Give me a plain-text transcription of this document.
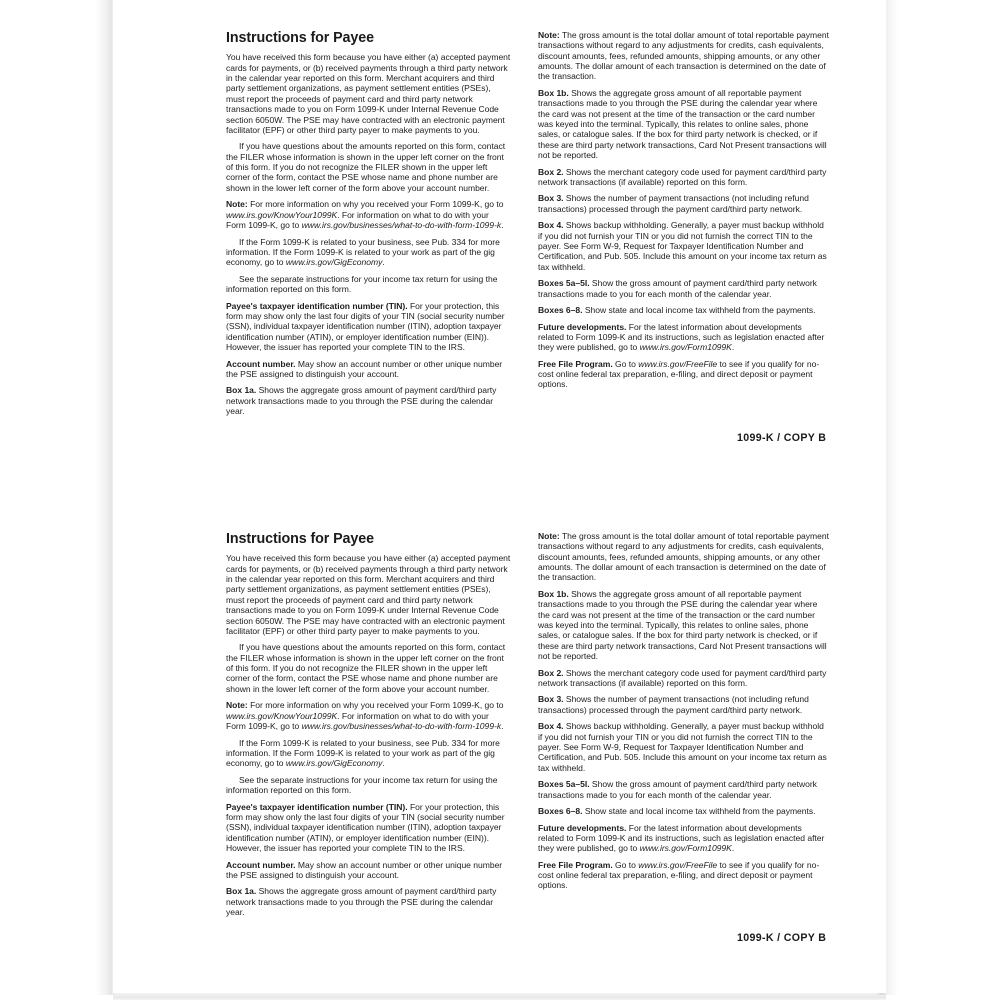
Instructions for Payee

You have received this form because you have either (a) accepted payment cards for payments, or (b) received payments through a third party network in the calendar year reported on this form. Merchant acquirers and third party settlement organizations, as payment settlement entities (PSEs), must report the proceeds of payment card and third party network transactions made to you on Form 1099-K under Internal Revenue Code section 6050W. The PSE may have contracted with an electronic payment facilitator (EPF) or other third party payer to make payments to you.

If you have questions about the amounts reported on this form, contact the FILER whose information is shown in the upper left corner on the front of this form. If you do not recognize the FILER shown in the upper left corner of the form, contact the PSE whose name and phone number are shown in the lower left corner of the form above your account number.

Note: For more information on why you received your Form 1099-K, go to www.irs.gov/KnowYour1099K. For information on what to do with your Form 1099-K, go to www.irs.gov/businesses/what-to-do-with-form-1099-k.

If the Form 1099-K is related to your business, see Pub. 334 for more information. If the Form 1099-K is related to your work as part of the gig economy, go to www.irs.gov/GigEconomy.

See the separate instructions for your income tax return for using the information reported on this form.

Payee's taxpayer identification number (TIN). For your protection, this form may show only the last four digits of your TIN (social security number (SSN), individual taxpayer identification number (ITIN), adoption taxpayer identification number (ATIN), or employer identification number (EIN)). However, the issuer has reported your complete TIN to the IRS.

Account number. May show an account number or other unique number the PSE assigned to distinguish your account.

Box 1a. Shows the aggregate gross amount of payment card/third party network transactions made to you through the PSE during the calendar year.

Note: The gross amount is the total dollar amount of total reportable payment transactions without regard to any adjustments for credits, cash equivalents, discount amounts, fees, refunded amounts, shipping amounts, or any other amounts. The dollar amount of each transaction is determined on the date of the transaction.

Box 1b. Shows the aggregate gross amount of all reportable payment transactions made to you through the PSE during the calendar year where the card was not present at the time of the transaction or the card number was keyed into the terminal. Typically, this relates to online sales, phone sales, or catalogue sales. If the box for third party network is checked, or if these are third party network transactions, Card Not Present transactions will not be reported.

Box 2. Shows the merchant category code used for payment card/third party network transactions (if available) reported on this form.

Box 3. Shows the number of payment transactions (not including refund transactions) processed through the payment card/third party network.

Box 4. Shows backup withholding. Generally, a payer must backup withhold if you did not furnish your TIN or you did not furnish the correct TIN to the payer. See Form W-9, Request for Taxpayer Identification Number and Certification, and Pub. 505. Include this amount on your income tax return as tax withheld.

Boxes 5a–5l. Show the gross amount of payment card/third party network transactions made to you for each month of the calendar year.

Boxes 6–8. Show state and local income tax withheld from the payments.

Future developments. For the latest information about developments related to Form 1099-K and its instructions, such as legislation enacted after they were published, go to www.irs.gov/Form1099K.

Free File Program. Go to www.irs.gov/FreeFile to see if you qualify for no-cost online federal tax preparation, e-filing, and direct deposit or payment options.

1099-K / COPY B
Instructions for Payee

You have received this form because you have either (a) accepted payment cards for payments, or (b) received payments through a third party network in the calendar year reported on this form. Merchant acquirers and third party settlement organizations, as payment settlement entities (PSEs), must report the proceeds of payment card and third party network transactions made to you on Form 1099-K under Internal Revenue Code section 6050W. The PSE may have contracted with an electronic payment facilitator (EPF) or other third party payer to make payments to you.

If you have questions about the amounts reported on this form, contact the FILER whose information is shown in the upper left corner on the front of this form. If you do not recognize the FILER shown in the upper left corner of the form, contact the PSE whose name and phone number are shown in the lower left corner of the form above your account number.

Note: For more information on why you received your Form 1099-K, go to www.irs.gov/KnowYour1099K. For information on what to do with your Form 1099-K, go to www.irs.gov/businesses/what-to-do-with-form-1099-k.

If the Form 1099-K is related to your business, see Pub. 334 for more information. If the Form 1099-K is related to your work as part of the gig economy, go to www.irs.gov/GigEconomy.

See the separate instructions for your income tax return for using the information reported on this form.

Payee's taxpayer identification number (TIN). For your protection, this form may show only the last four digits of your TIN (social security number (SSN), individual taxpayer identification number (ITIN), adoption taxpayer identification number (ATIN), or employer identification number (EIN)). However, the issuer has reported your complete TIN to the IRS.

Account number. May show an account number or other unique number the PSE assigned to distinguish your account.

Box 1a. Shows the aggregate gross amount of payment card/third party network transactions made to you through the PSE during the calendar year.

Note: The gross amount is the total dollar amount of total reportable payment transactions without regard to any adjustments for credits, cash equivalents, discount amounts, fees, refunded amounts, shipping amounts, or any other amounts. The dollar amount of each transaction is determined on the date of the transaction.

Box 1b. Shows the aggregate gross amount of all reportable payment transactions made to you through the PSE during the calendar year where the card was not present at the time of the transaction or the card number was keyed into the terminal. Typically, this relates to online sales, phone sales, or catalogue sales. If the box for third party network is checked, or if these are third party network transactions, Card Not Present transactions will not be reported.

Box 2. Shows the merchant category code used for payment card/third party network transactions (if available) reported on this form.

Box 3. Shows the number of payment transactions (not including refund transactions) processed through the payment card/third party network.

Box 4. Shows backup withholding. Generally, a payer must backup withhold if you did not furnish your TIN or you did not furnish the correct TIN to the payer. See Form W-9, Request for Taxpayer Identification Number and Certification, and Pub. 505. Include this amount on your income tax return as tax withheld.

Boxes 5a–5l. Show the gross amount of payment card/third party network transactions made to you for each month of the calendar year.

Boxes 6–8. Show state and local income tax withheld from the payments.

Future developments. For the latest information about developments related to Form 1099-K and its instructions, such as legislation enacted after they were published, go to www.irs.gov/Form1099K.

Free File Program. Go to www.irs.gov/FreeFile to see if you qualify for no-cost online federal tax preparation, e-filing, and direct deposit or payment options.

1099-K / COPY B
